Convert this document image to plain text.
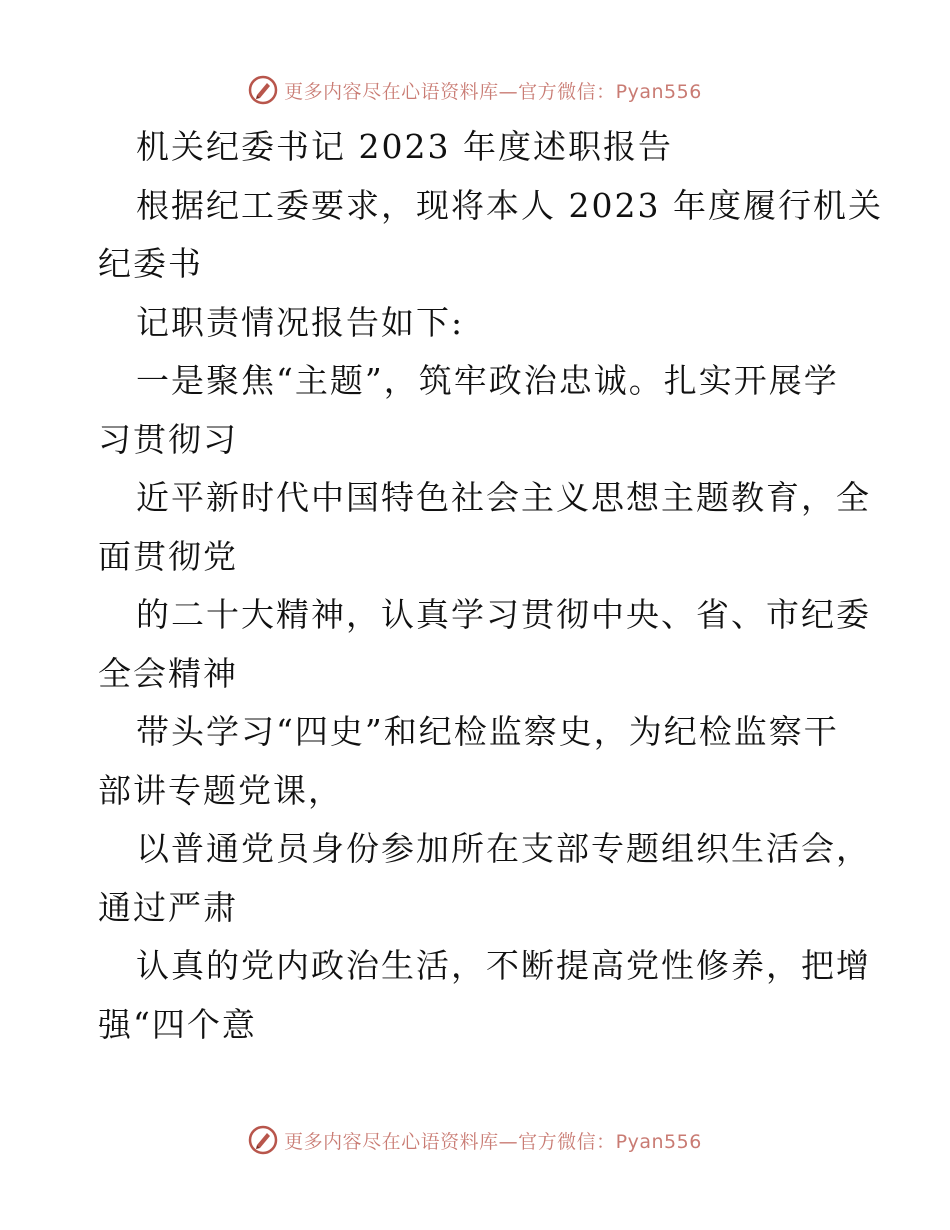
更多内容尽在心语资料库—官方微信：Pyan556
机关纪委书记 2023 年度述职报告
根据纪工委要求，现将本人 2023 年度履行机关
纪委书
记职责情况报告如下:
一是聚焦“主题”，筑牢政治忠诚。扎实开展学
习贯彻习
近平新时代中国特色社会主义思想主题教育，全
面贯彻党
的二十大精神，认真学习贯彻中央、省、市纪委
全会精神
带头学习“四史”和纪检监察史，为纪检监察干
部讲专题党课，
以普通党员身份参加所在支部专题组织生活会，
通过严肃
认真的党内政治生活，不断提高党性修养，把增
强“四个意
更多内容尽在心语资料库—官方微信：Pyan556
